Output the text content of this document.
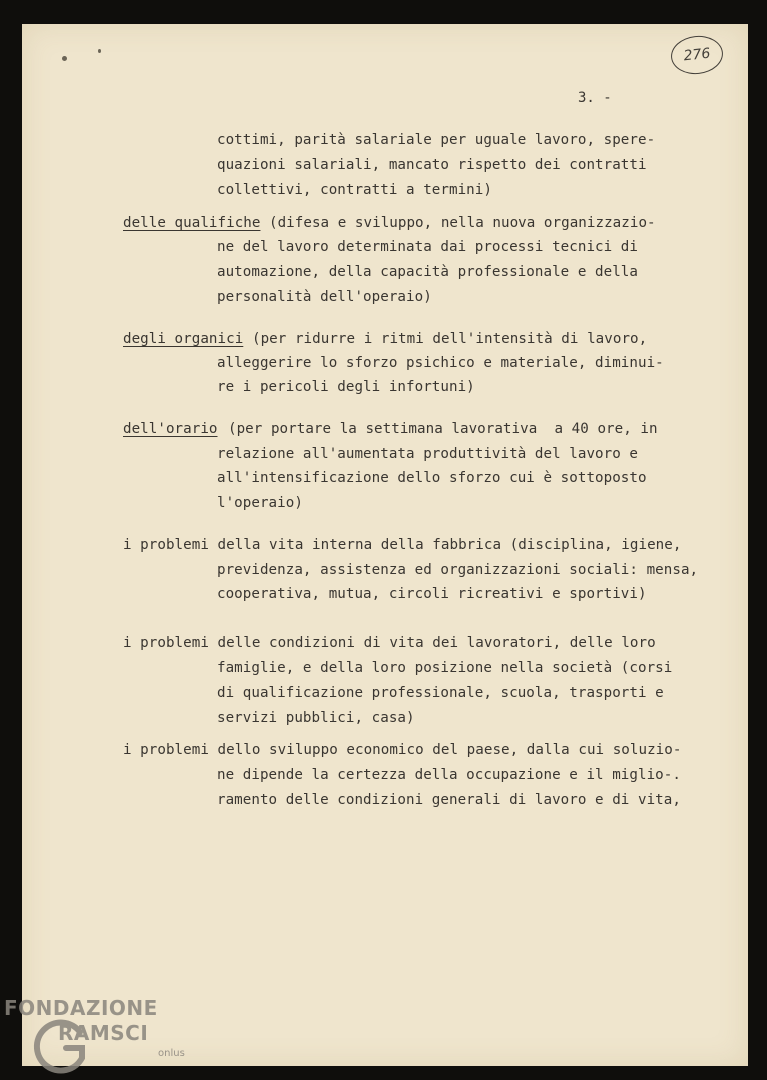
276
3. -
cottimi, parità salariale per uguale lavoro, spere-
quazioni salariali, mancato rispetto dei contratti
collettivi, contratti a termini)
delle qualifiche (difesa e sviluppo, nella nuova organizzazio-
ne del lavoro determinata dai processi tecnici di
automazione, della capacità professionale e della
personalità dell'operaio)
degli organici (per ridurre i ritmi dell'intensità di lavoro,
alleggerire lo sforzo psichico e materiale, diminui-
re i pericoli degli infortuni)
dell'orario (per portare la settimana lavorativa  a 40 ore, in
relazione all'aumentata produttività del lavoro e
all'intensificazione dello sforzo cui è sottoposto
l'operaio)
i problemi della vita interna della fabbrica (disciplina, igiene,
previdenza, assistenza ed organizzazioni sociali: mensa,
cooperativa, mutua, circoli ricreativi e sportivi)
i problemi delle condizioni di vita dei lavoratori, delle loro
famiglie, e della loro posizione nella società (corsi
di qualificazione professionale, scuola, trasporti e
servizi pubblici, casa)
i problemi dello sviluppo economico del paese, dalla cui soluzio-
ne dipende la certezza della occupazione e il miglio-.
ramento delle condizioni generali di lavoro e di vita,
FONDAZIONE
RAMSCI
onlus
